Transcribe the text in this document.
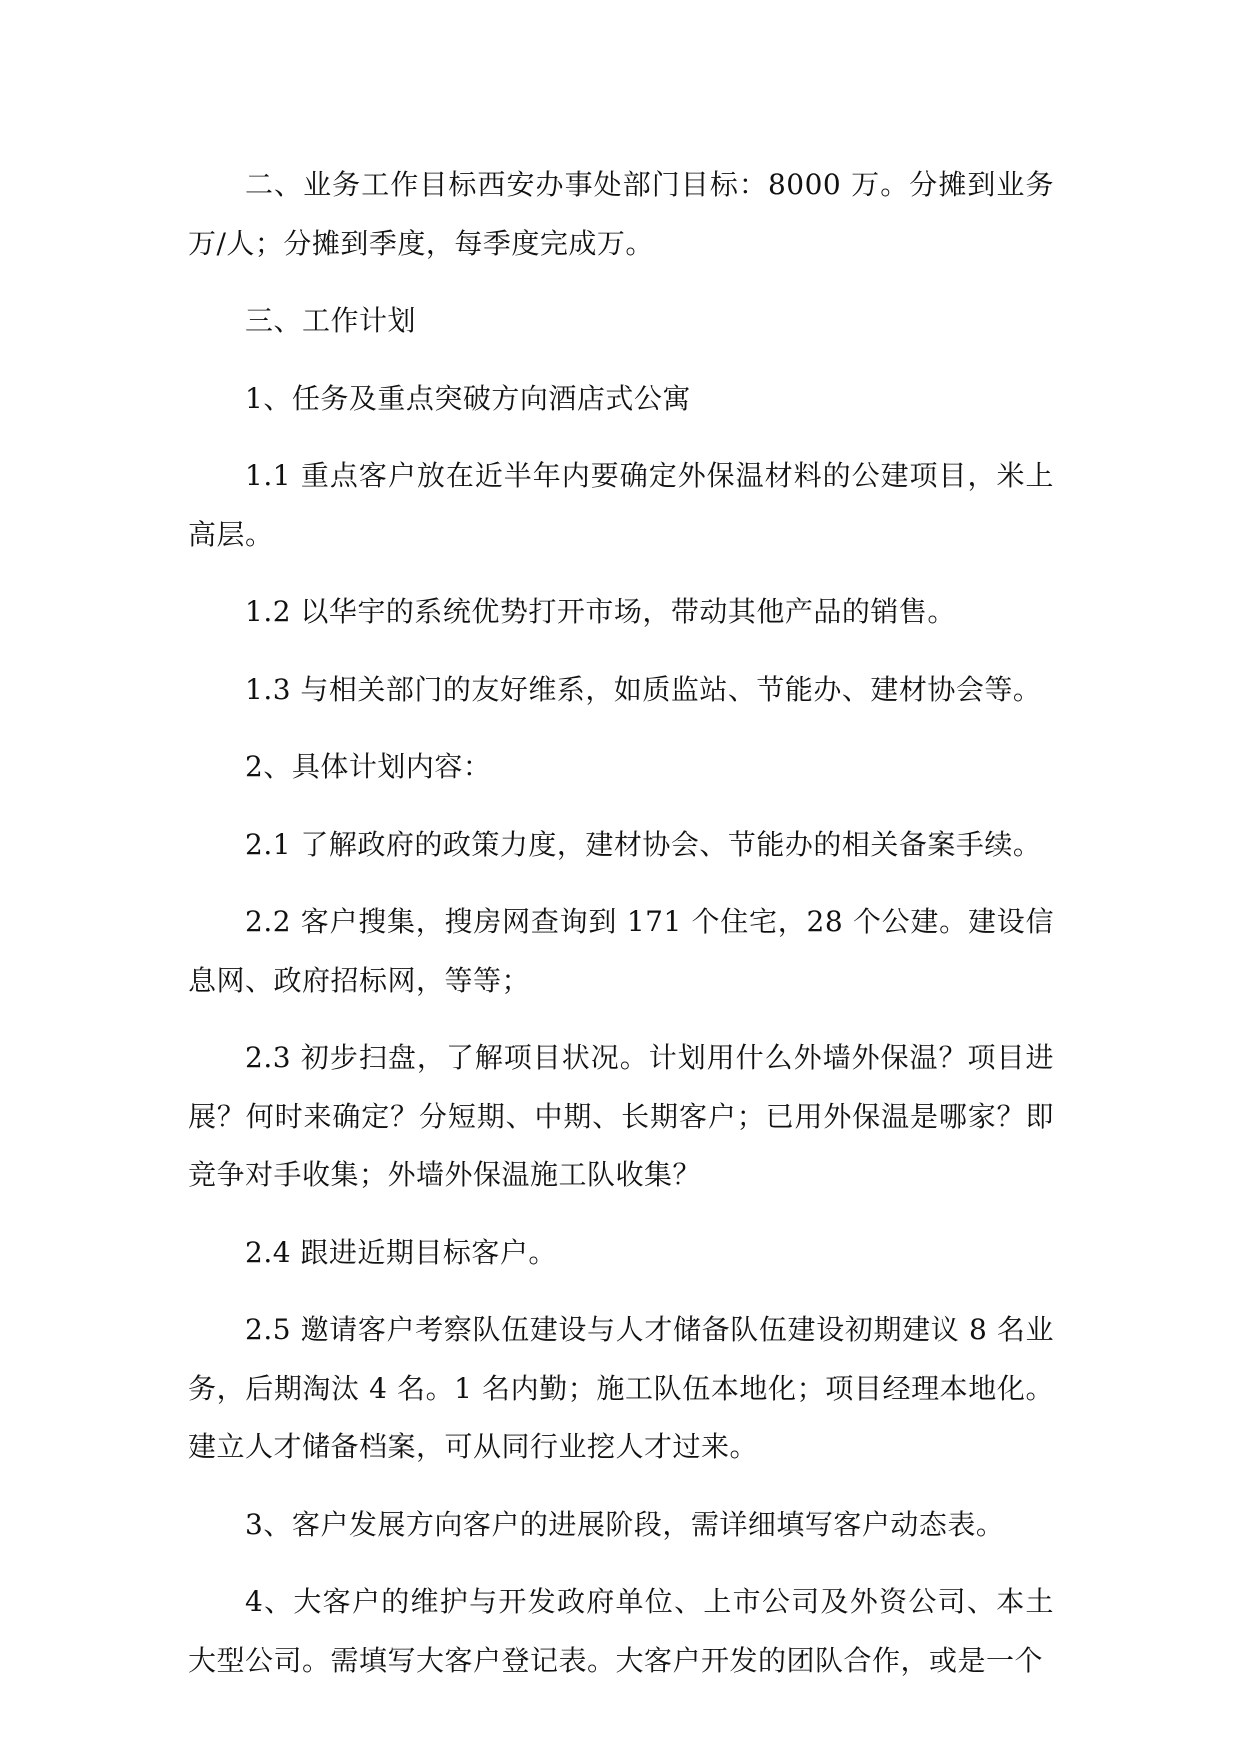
二、业务工作目标西安办事处部门目标：8000 万。分摊到业务万/人；分摊到季度，每季度完成万。

三、工作计划

1、任务及重点突破方向酒店式公寓

1.1 重点客户放在近半年内要确定外保温材料的公建项目，米上高层。

1.2 以华宇的系统优势打开市场，带动其他产品的销售。

1.3 与相关部门的友好维系，如质监站、节能办、建材协会等。

2、具体计划内容：

2.1 了解政府的政策力度，建材协会、节能办的相关备案手续。

2.2 客户搜集，搜房网查询到 171 个住宅，28 个公建。建设信息网、政府招标网，等等；

2.3 初步扫盘，了解项目状况。计划用什么外墙外保温？项目进展？何时来确定？分短期、中期、长期客户；已用外保温是哪家？即竞争对手收集；外墙外保温施工队收集？

2.4 跟进近期目标客户。

2.5 邀请客户考察队伍建设与人才储备队伍建设初期建议 8 名业务，后期淘汰 4 名。1 名内勤；施工队伍本地化；项目经理本地化。建立人才储备档案，可从同行业挖人才过来。

3、客户发展方向客户的进展阶段，需详细填写客户动态表。

4、大客户的维护与开发政府单位、上市公司及外资公司、本土大型公司。需填写大客户登记表。大客户开发的团队合作，或是一个
